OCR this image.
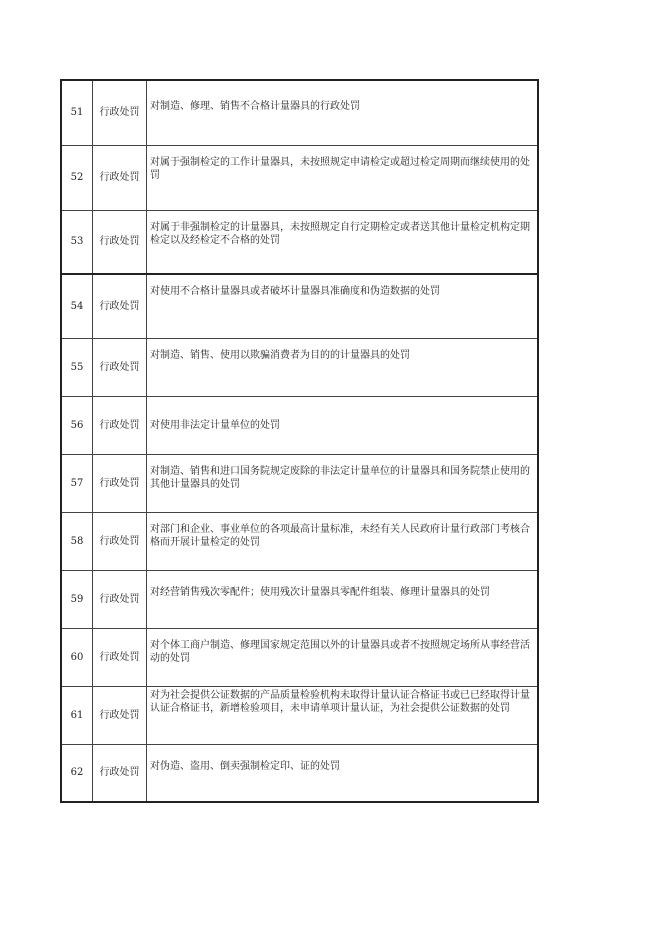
51	行政处罚	对制造、修理、销售不合格计量器具的行政处罚
52	行政处罚	对属于强制检定的工作计量器具，未按照规定申请检定或超过检定周期而继续使用的处罚
53	行政处罚	对属于非强制检定的计量器具，未按照规定自行定期检定或者送其他计量检定机构定期检定以及经检定不合格的处罚
54	行政处罚	对使用不合格计量器具或者破坏计量器具准确度和伪造数据的处罚
55	行政处罚	对制造、销售、使用以欺骗消费者为目的的计量器具的处罚
56	行政处罚	对使用非法定计量单位的处罚
57	行政处罚	对制造、销售和进口国务院规定废除的非法定计量单位的计量器具和国务院禁止使用的其他计量器具的处罚
58	行政处罚	对部门和企业、事业单位的各项最高计量标准，未经有关人民政府计量行政部门考核合格而开展计量检定的处罚
59	行政处罚	对经营销售残次零配件；使用残次计量器具零配件组装、修理计量器具的处罚
60	行政处罚	对个体工商户制造、修理国家规定范围以外的计量器具或者不按照规定场所从事经营活动的处罚
61	行政处罚	对为社会提供公证数据的产品质量检验机构未取得计量认证合格证书或已已经取得计量认证合格证书，新增检验项目，未申请单项计量认证，为社会提供公证数据的处罚
62	行政处罚	对伪造、盗用、倒卖强制检定印、证的处罚
